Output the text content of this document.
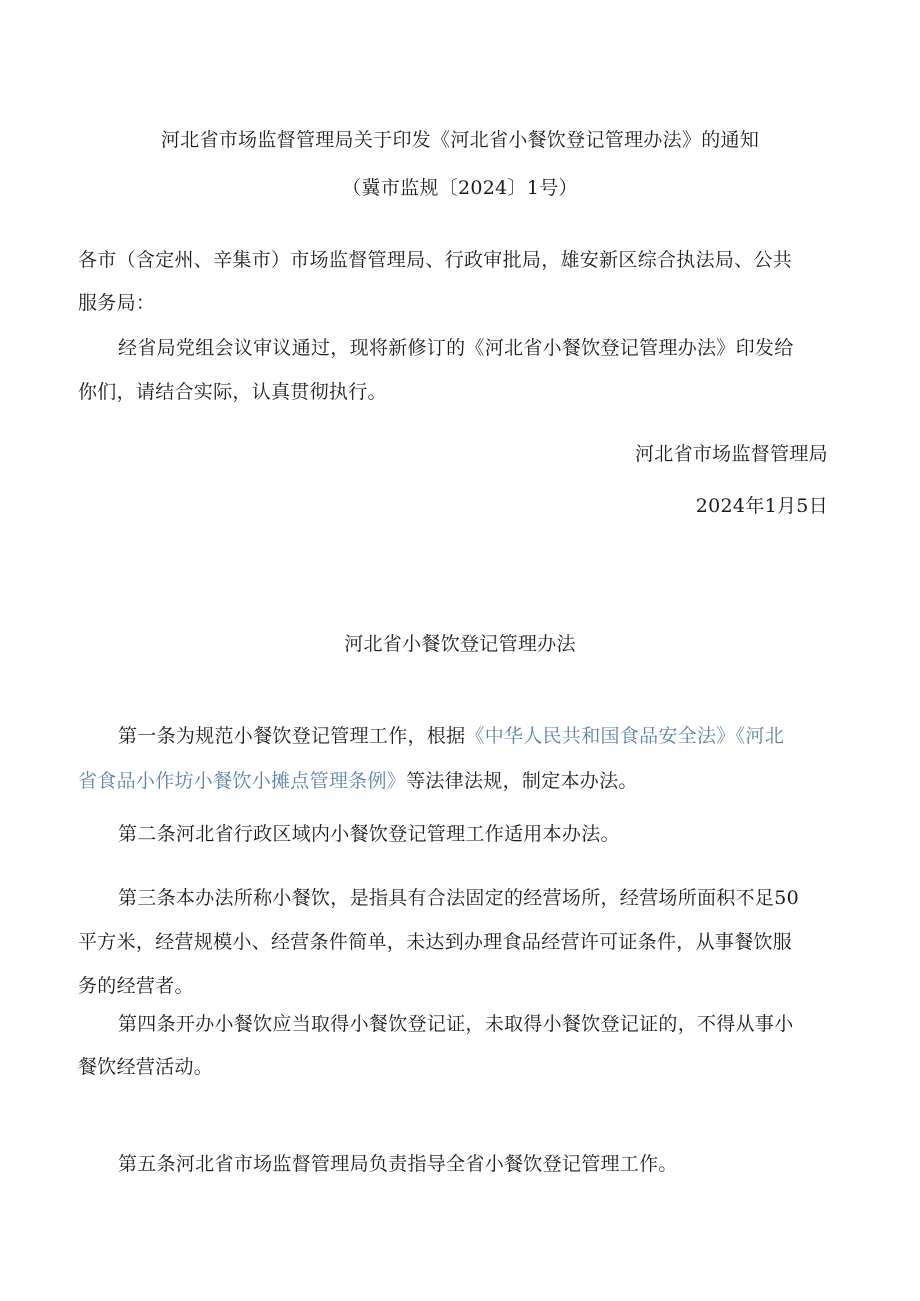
河北省市场监督管理局关于印发《河北省小餐饮登记管理办法》的通知
（冀市监规〔2024〕1号）
各市（含定州、辛集市）市场监督管理局、行政审批局，雄安新区综合执法局、公共
服务局：
经省局党组会议审议通过，现将新修订的《河北省小餐饮登记管理办法》印发给
你们，请结合实际，认真贯彻执行。
河北省市场监督管理局
2024年1月5日
河北省小餐饮登记管理办法
第一条为规范小餐饮登记管理工作，根据《中华人民共和国食品安全法》《河北
省食品小作坊小餐饮小摊点管理条例》等法律法规，制定本办法。
第二条河北省行政区域内小餐饮登记管理工作适用本办法。
第三条本办法所称小餐饮，是指具有合法固定的经营场所，经营场所面积不足50
平方米，经营规模小、经营条件简单，未达到办理食品经营许可证条件，从事餐饮服
务的经营者。
第四条开办小餐饮应当取得小餐饮登记证，未取得小餐饮登记证的，不得从事小
餐饮经营活动。
第五条河北省市场监督管理局负责指导全省小餐饮登记管理工作。
